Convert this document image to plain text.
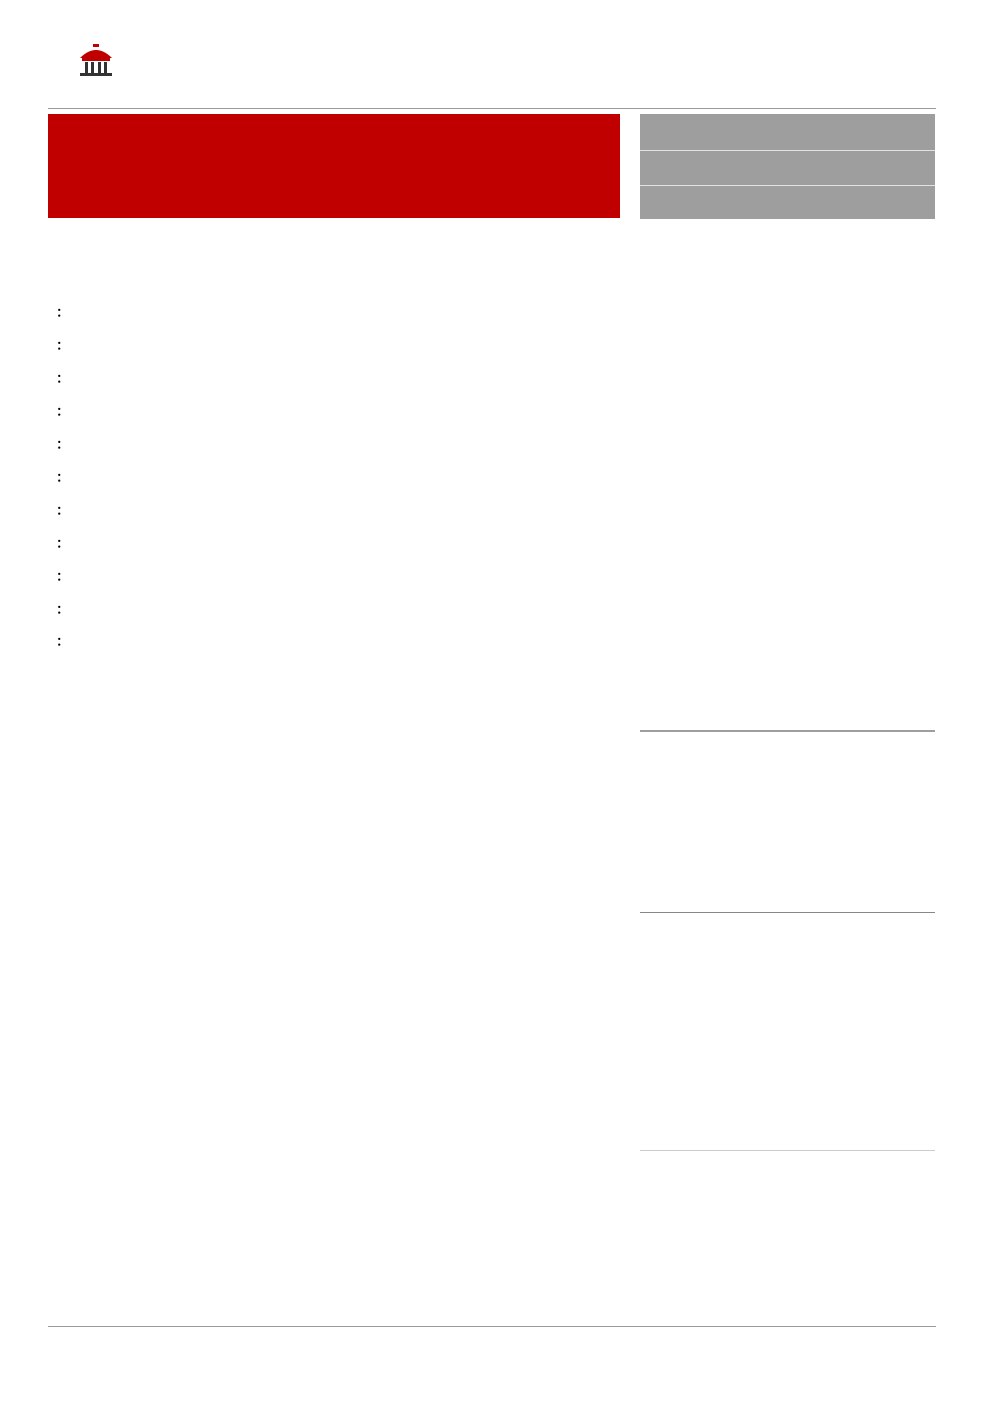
：
：
：
：
：
：
：
：
：
：
：
